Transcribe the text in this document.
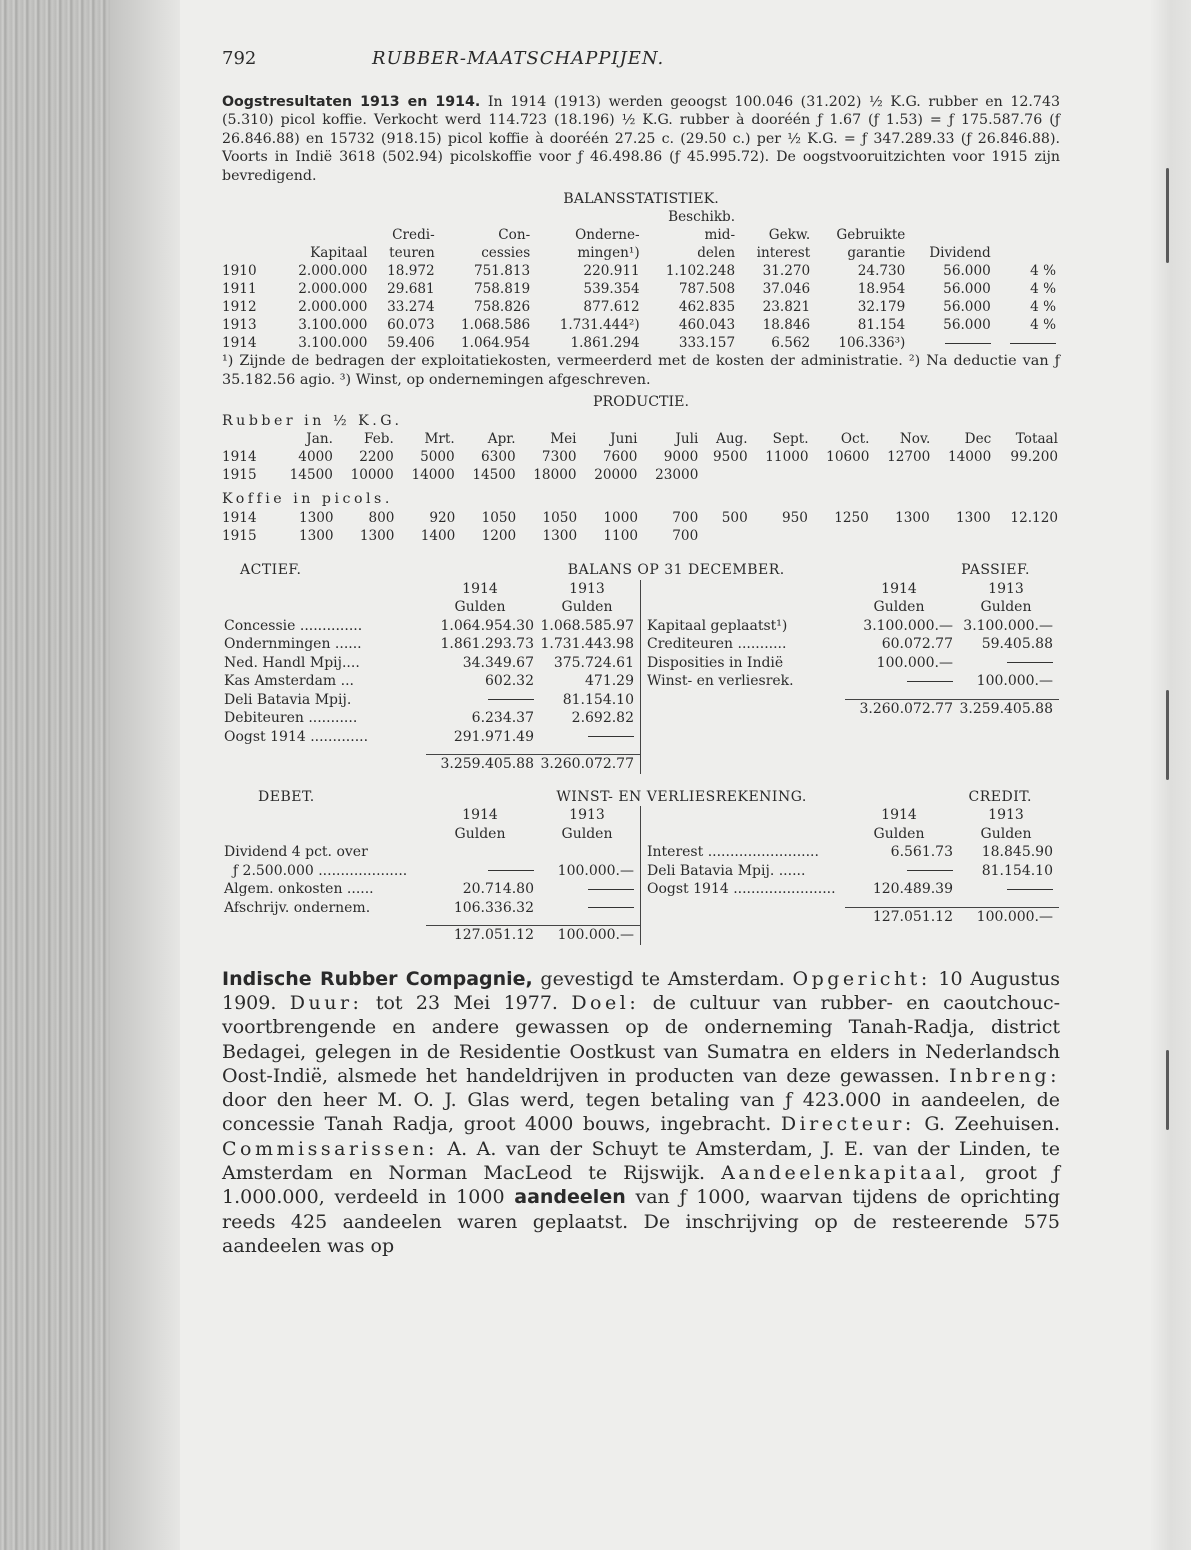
792	RUBBER-MAATSCHAPPIJEN.

Oogstresultaten 1913 en 1914. In 1914 (1913) werden geoogst 100.046 (31.202) ½ K.G. rubber en 12.743 (5.310) picol koffie. Verkocht werd 114.723 (18.196) ½ K.G. rubber à dooréén ƒ 1.67 (ƒ 1.53) = ƒ 175.587.76 (ƒ 26.846.88) en 15732 (918.15) picol koffie à dooréén 27.25 c. (29.50 c.) per ½ K.G. = ƒ 347.289.33 (ƒ 26.846.88). Voorts in Indië 3618 (502.94) picolskoffie voor ƒ 46.498.86 (ƒ 45.995.72). De oogstvooruitzichten voor 1915 zijn bevredigend.

BALANSSTATISTIEK.
					Beschikb.				
		Credi-	Con-	Onderne-	mid-	Gekw.	Gebruikte		
	Kapitaal	teuren	cessies	mingen¹)	delen	interest	garantie	Dividend	
1910	2.000.000	18.972	751.813	220.911	1.102.248	31.270	24.730	56.000	4 %
1911	2.000.000	29.681	758.819	539.354	787.508	37.046	18.954	56.000	4 %
1912	2.000.000	33.274	758.826	877.612	462.835	23.821	32.179	56.000	4 %
1913	3.100.000	60.073	1.068.586	1.731.444²)	460.043	18.846	81.154	56.000	4 %
1914	3.100.000	59.406	1.064.954	1.861.294	333.157	6.562	106.336³)		

¹) Zijnde de bedragen der exploitatiekosten, vermeerderd met de kosten der administratie. ²) Na deductie van ƒ 35.182.56 agio. ³) Winst, op ondernemingen afgeschreven.

PRODUCTIE.
Rubber in ½ K.G.
	Jan.	Feb.	Mrt.	Apr.	Mei	Juni	Juli	Aug.	Sept.	Oct.	Nov.	Dec	Totaal
1914	4000	2200	5000	6300	7300	7600	9000	9500	11000	10600	12700	14000	99.200
1915	14500	10000	14000	14500	18000	20000	23000						
Koffie in picols.
1914	1300	800	920	1050	1050	1000	700	500	950	1250	1300	1300	12.120
1915	1300	1300	1400	1200	1300	1100	700						
ACTIEF.	BALANS OP 31 DECEMBER.	PASSIEF.
	1914	1913
	Gulden	Gulden
Concessie ..............	1.064.954.30	1.068.585.97
Ondernmingen ......	1.861.293.73	1.731.443.98
Ned. Handl Mpij....	34.349.67	375.724.61
Kas Amsterdam ...	602.32	471.29
Deli Batavia Mpij.		81.154.10
Debiteuren ...........	6.234.37	2.692.82
Oogst 1914 .............	291.971.49	

	3.259.405.88	3.260.072.77
	1914	1913
	Gulden	Gulden
Kapitaal geplaatst¹)	3.100.000.—	3.100.000.—
Crediteuren ...........	60.072.77	59.405.88
Disposities in Indië	100.000.—	
Winst- en verliesrek.		100.000.—

	3.260.072.77	3.259.405.88
DEBET.	WINST- EN VERLIESREKENING.	CREDIT.
	1914	1913
	Gulden	Gulden
Dividend 4 pct. over		
ƒ 2.500.000 ....................		100.000.—
Algem. onkosten ......	20.714.80	
Afschrijv. ondernem.	106.336.32	

	127.051.12	100.000.—
	1914	1913
	Gulden	Gulden
Interest .........................	6.561.73	18.845.90
Deli Batavia Mpij. ......		81.154.10
Oogst 1914 .......................	120.489.39	

	127.051.12	100.000.—

Indische Rubber Compagnie, gevestigd te Amsterdam. Opgericht: 10 Augustus 1909. Duur: tot 23 Mei 1977. Doel: de cultuur van rubber- en caoutchouc-voortbrengende en andere gewassen op de onderneming Tanah-Radja, district Bedagei, gelegen in de Residentie Oostkust van Sumatra en elders in Nederlandsch Oost-Indië, alsmede het handeldrijven in producten van deze gewassen. Inbreng: door den heer M. O. J. Glas werd, tegen betaling van ƒ 423.000 in aandeelen, de concessie Tanah Radja, groot 4000 bouws, ingebracht. Directeur: G. Zeehuisen. Commissarissen: A. A. van der Schuyt te Amsterdam, J. E. van der Linden, te Amsterdam en Norman MacLeod te Rijswijk. Aandeelenkapitaal, groot ƒ 1.000.000, verdeeld in 1000 aandeelen van ƒ 1000, waarvan tijdens de oprichting reeds 425 aandeelen waren geplaatst. De inschrijving op de resteerende 575 aandeelen was op
